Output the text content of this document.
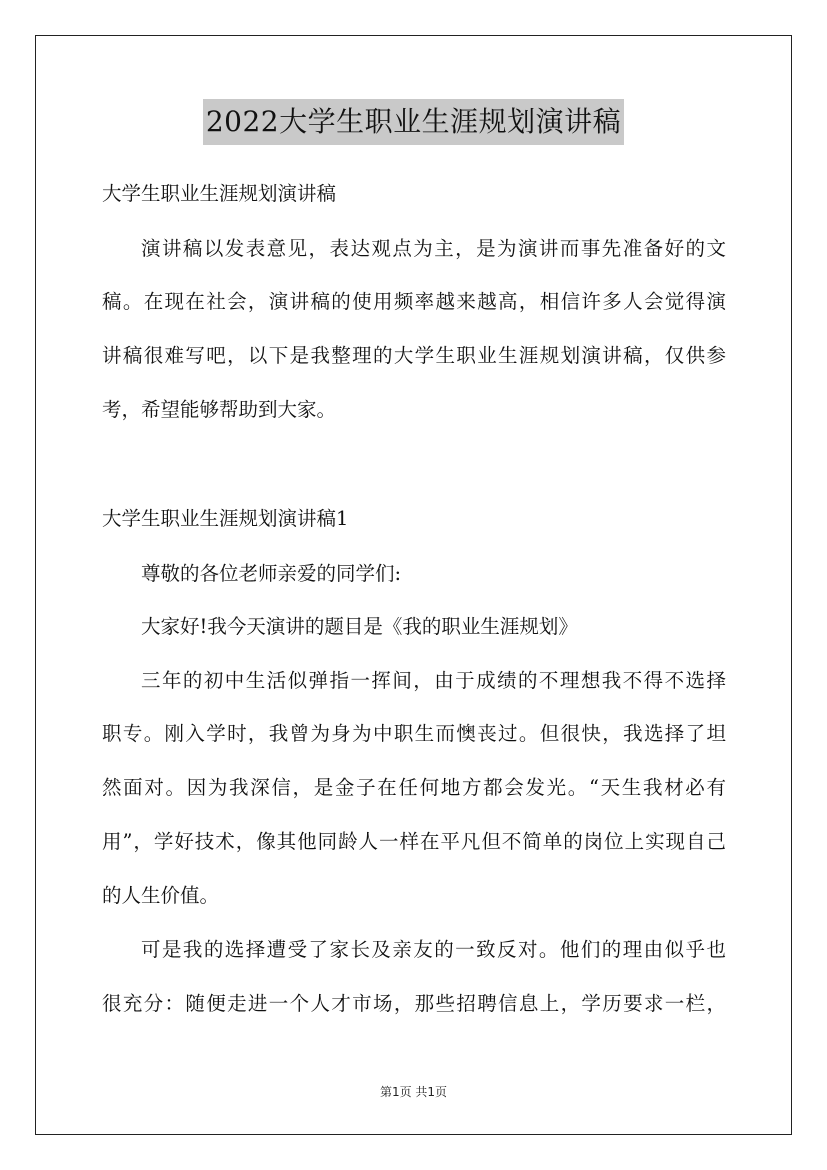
2022大学生职业生涯规划演讲稿
大学生职业生涯规划演讲稿
演讲稿以发表意见，表达观点为主，是为演讲而事先准备好的文
稿。在现在社会，演讲稿的使用频率越来越高，相信许多人会觉得演
讲稿很难写吧，以下是我整理的大学生职业生涯规划演讲稿，仅供参
考，希望能够帮助到大家。
大学生职业生涯规划演讲稿1
尊敬的各位老师亲爱的同学们:
大家好!我今天演讲的题目是《我的职业生涯规划》
三年的初中生活似弹指一挥间，由于成绩的不理想我不得不选择
职专。刚入学时，我曾为身为中职生而懊丧过。但很快，我选择了坦
然面对。因为我深信，是金子在任何地方都会发光。“天生我材必有
用”，学好技术，像其他同龄人一样在平凡但不简单的岗位上实现自己
的人生价值。
可是我的选择遭受了家长及亲友的一致反对。他们的理由似乎也
很充分：随便走进一个人才市场，那些招聘信息上，学历要求一栏，
第1页 共1页
